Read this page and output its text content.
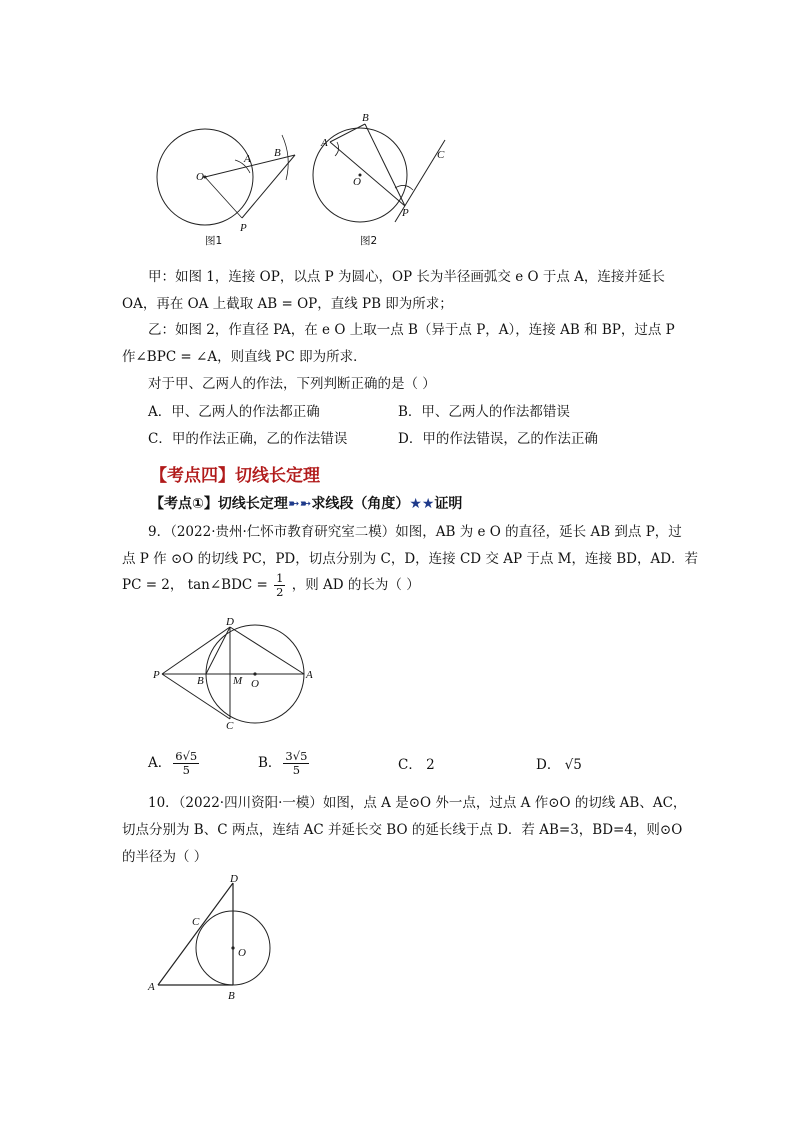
O
A B
P
图1
A
B
O
P
C
图2
甲：如图 1，连接 OP，以点 P 为圆心，OP 长为半径画弧交 e O 于点 A，连接并延长
OA，再在 OA 上截取 AB = OP，直线 PB 即为所求；
乙：如图 2，作直径 PA，在 e O 上取一点 B（异于点 P，A），连接 AB 和 BP，过点 P
作∠BPC = ∠A，则直线 PC 即为所求．
对于甲、乙两人的作法，下列判断正确的是（ ）
A．甲、乙两人的作法都正确	B．甲、乙两人的作法都错误
C．甲的作法正确，乙的作法错误	D．甲的作法错误，乙的作法正确
【考点四】切线长定理
【考点①】切线长定理➼➼求线段（角度）★★证明
9．（2022·贵州·仁怀市教育研究室二模）如图，AB 为 e O 的直径，延长 AB 到点 P，过
点 P 作 ⊙O 的切线 PC，PD，切点分别为 C，D，连接 CD 交 AP 于点 M，连接 BD，AD．若
PC = 2， tan∠BDC = $\frac{1}{2}$ ，则 AD 的长为（ ）
D
P	B	M O
A
C
A． $\frac{6√5}{5}$	B． $\frac{3√5}{5}$	C． 2	D． √5
10．（2022·四川资阳·一模）如图，点 A 是⊙O 外一点，过点 A 作⊙O 的切线 AB、AC，
切点分别为 B、C 两点，连结 AC 并延长交 BO 的延长线于点 D．若 AB=3，BD=4，则⊙O
的半径为（ ）
D
C
O
A
B
